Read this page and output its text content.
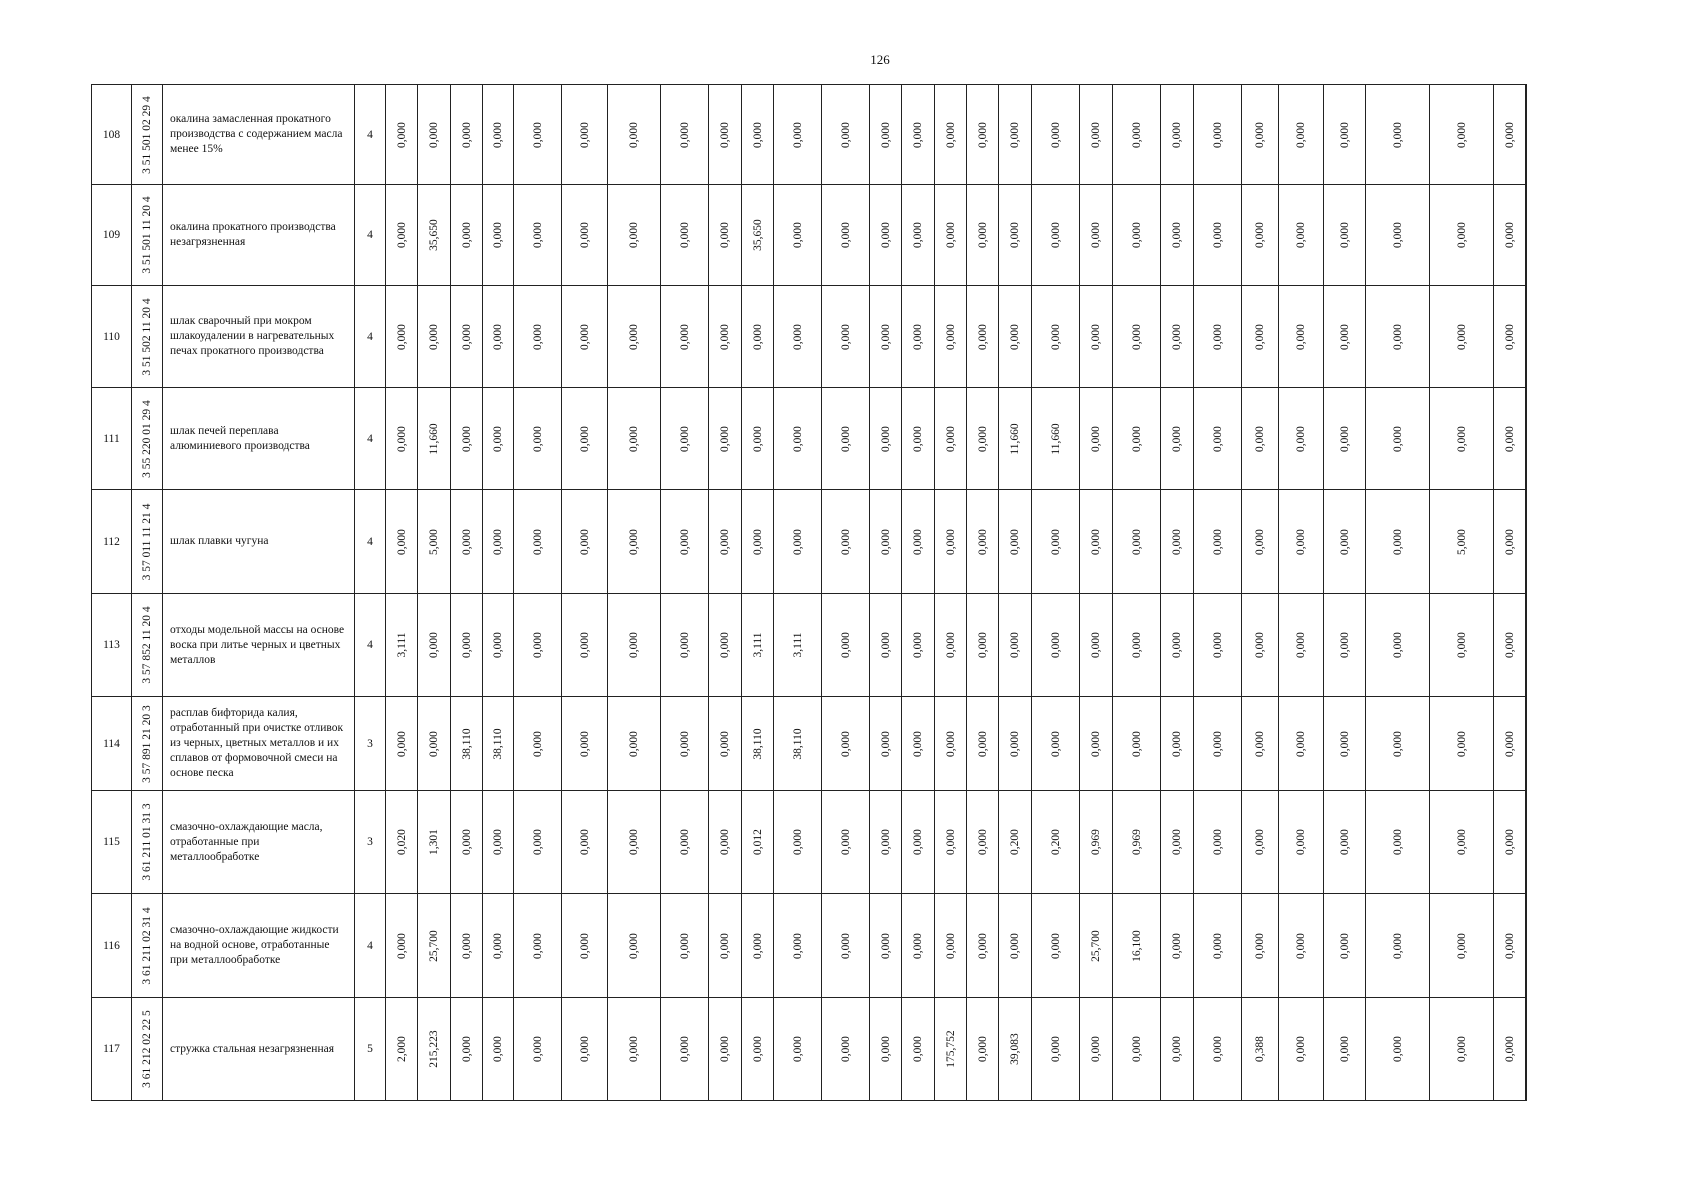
126
108	3 51 501 02 29 4	окалина замасленная прокатного производства с содержанием масла менее 15%	4	0,000	0,000	0,000	0,000	0,000	0,000	0,000	0,000	0,000	0,000	0,000	0,000	0,000	0,000	0,000	0,000	0,000	0,000	0,000	0,000	0,000	0,000	0,000	0,000	0,000	0,000	0,000	0,000

109	3 51 501 11 20 4	окалина прокатного производства незагрязненная	4	0,000	35,650	0,000	0,000	0,000	0,000	0,000	0,000	0,000	35,650	0,000	0,000	0,000	0,000	0,000	0,000	0,000	0,000	0,000	0,000	0,000	0,000	0,000	0,000	0,000	0,000	0,000	0,000

110	3 51 502 11 20 4	шлак сварочный при мокром шлакоудалении в нагревательных печах прокатного производства	4	0,000	0,000	0,000	0,000	0,000	0,000	0,000	0,000	0,000	0,000	0,000	0,000	0,000	0,000	0,000	0,000	0,000	0,000	0,000	0,000	0,000	0,000	0,000	0,000	0,000	0,000	0,000	0,000

111	3 55 220 01 29 4	шлак печей переплава алюминиевого производства	4	0,000	11,660	0,000	0,000	0,000	0,000	0,000	0,000	0,000	0,000	0,000	0,000	0,000	0,000	0,000	0,000	11,660	11,660	0,000	0,000	0,000	0,000	0,000	0,000	0,000	0,000	0,000	0,000

112	3 57 011 11 21 4	шлак плавки чугуна	4	0,000	5,000	0,000	0,000	0,000	0,000	0,000	0,000	0,000	0,000	0,000	0,000	0,000	0,000	0,000	0,000	0,000	0,000	0,000	0,000	0,000	0,000	0,000	0,000	0,000	0,000	5,000	0,000

113	3 57 852 11 20 4	отходы модельной массы на основе воска при литье черных и цветных металлов	4	3,111	0,000	0,000	0,000	0,000	0,000	0,000	0,000	0,000	3,111	3,111	0,000	0,000	0,000	0,000	0,000	0,000	0,000	0,000	0,000	0,000	0,000	0,000	0,000	0,000	0,000	0,000	0,000

114	3 57 891 21 20 3	расплав бифторида калия, отработанный при очистке отливок из черных, цветных металлов и их сплавов от формовочной смеси на основе песка	3	0,000	0,000	38,110	38,110	0,000	0,000	0,000	0,000	0,000	38,110	38,110	0,000	0,000	0,000	0,000	0,000	0,000	0,000	0,000	0,000	0,000	0,000	0,000	0,000	0,000	0,000	0,000	0,000

115	3 61 211 01 31 3	смазочно-охлаждающие масла, отработанные при металлообработке	3	0,020	1,301	0,000	0,000	0,000	0,000	0,000	0,000	0,000	0,012	0,000	0,000	0,000	0,000	0,000	0,000	0,200	0,200	0,969	0,969	0,000	0,000	0,000	0,000	0,000	0,000	0,000	0,000

116	3 61 211 02 31 4	смазочно-охлаждающие жидкости на водной основе, отработанные при металлообработке	4	0,000	25,700	0,000	0,000	0,000	0,000	0,000	0,000	0,000	0,000	0,000	0,000	0,000	0,000	0,000	0,000	0,000	0,000	25,700	16,100	0,000	0,000	0,000	0,000	0,000	0,000	0,000	0,000

117	3 61 212 02 22 5	стружка стальная незагрязненная	5	2,000	215,223	0,000	0,000	0,000	0,000	0,000	0,000	0,000	0,000	0,000	0,000	0,000	0,000	175,752	0,000	39,083	0,000	0,000	0,000	0,000	0,000	0,388	0,000	0,000	0,000	0,000	0,000
